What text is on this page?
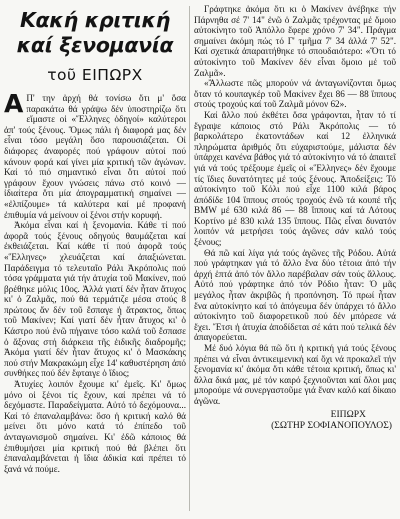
Κακή κριτική
καί ξενομανία
τοῦ ΕΙΠΩΡΧ

Α Π' την ἀρχή θά τονίσω ὅτι μ' ὅσα παρακάτω θά γράψω δέν ὑποστηρίζω ὅτι εἴμαστε οἱ «Ἕλληνες ὁδηγοί» καλύτεροι ἀπ' τούς ξένους. Ὅμως πάλι ἡ διαφορά μας δέν εἶναι τόσο μεγάλη ὅσο παρουσιάζεται. Οἱ διάφορες ἀναφορές πού γράφουν αὐτοί πού κάνουν φορά καί γίνει μία κριτική τῶν ἀγώνων. Καί τό πιό σημαντικό εἶναι ὅτι αὐτοί πού γράφουν ἔχουν γνώσεις πάνω στό κοινό — ἰδιαίτερα ὅτι μία ἀπογραμματική σημαίνει — «ἐλπίζουμε» τά καλύτερα καί μέ προφανή ἐπιθυμία νά μείνουν οἱ ξένοι στήν κορυφή.

Ἀκόμα εἶναι καί ἡ ξενομανία. Κάθε τί πού ἀφορᾶ τούς ξένους οδηγούς θαυμάζεται καί ἐκθειάζεται. Καί κάθε τί πού ἀφορᾶ τούς «Ἕλληνες» χλευάζεται καί ἀπαξιώνεται. Παράδειγμα τό τελευταῖο Ράλι Ἀκρόπολις πού τόσα γράμματα γιά τήν ἀτυχία τοῦ Μακίνεν, πού βρέθηκε μόλις 10ος. Ἀλλά γιατί δέν ἦταν ἄτυχος κι' ὁ Ζαλμᾶς, πού θά τερμάτιζε μέσα στούς 8 πρώτους ἄν δέν τοῦ ἔσπαγε ἡ ἄτρακτος, ὅπως τοῦ Μακίνεν; Καί γιατί δέν ἦταν ἄτυχος κι' ὁ Κάστρο πού ἐνῶ πήγαινε τόσο καλά τοῦ ἔσπασε ὁ ἄξονας στή διάρκεια τῆς ἐιδικῆς διαδρομῆς; Ἀκόμα γιατί δέν ἦταν ἄτυχος κι' ὁ Μασκάκης πού στήν Μακρακώμη εἶχε 14' καθυστέρηση ἀπό συνθήκες πού δέν ἔφταιγε ὁ ἴδιος;

Ἀτυχίες λοιπόν ἔχουμε κι' ἐμεῖς. Κι' ὅμως μόνο οἱ ξένοι τίς ἔχουν, καί πρέπει νά τό δεχόμαστε. Παραδείγματα. Αὐτό τό δεχόμουνα... Καί τό ἐπαναλαμβάνω: ὅσο ἡ κριτική καλό θά μείνει ὅτι μόνο κατά τό ἐπίπεδο τοῦ ἀνταγωνισμοῦ σημαίνει. Κι' ἐδῶ κάποιος θά ἐπιθυμήσει μία κριτική πού θά βλέπει ὅτι ἐπαναλαμβάνεται ἡ ἴδια ἀδικία καί πρέπει τό ξανά νά πούμε.

Γράφτηκε ἀκόμα ὅτι κι ὁ Μακίνεν ἀνέβηκε τήν Πάρνηθα σέ 7' 14" ἐνῶ ὁ Ζαλμᾶς τρέχοντας μέ ὅμοιο αὐτοκίνητο τοῦ Ἀπόλλο ἔφερε χρόνο 7' 34". Πράγμα σημαίνει ἀκόμη πώς τό Γ' τμῆμα 7' 34 ἀλλά 7' 52". Καί σχετικά ἀπαραιτήθηκε τό σπουδαιότερο: «Ὅτι τό αὐτοκίνητο τοῦ Μακίνεν δέν εἶναι ὅμοιο μέ τοῦ Ζαλμᾶ».

«Ἄλλωστε πῶς μπορούν νά ἀνταγωνίζονται ὅμως ὅταν τό κουπαγκέρ τοῦ Μακίνεν ἔχει 86 — 88 ἵππους στούς τροχούς καί τοῦ Ζαλμᾶ μόνον 62».

Καί ἄλλο πού ἐκθέτει ὅσα γράφονται, ἦταν τό τί ἔγραψε κάποιος στό Ράλι Ἀκρόπολις — τό βαρκολάτερο ἐκατοντάδων καί 12 ἐλληνικά πληρώματα ἀριθμός ὅτι εὐχαριστούμε, μάλιστα δέν ὑπάρχει κανένα βάθος γιά τό αὐτοκίνητο νά τό ἀπαιτεῖ γιά νά τούς τρέξουμε ἐμεῖς οἱ «Ἕλληνες» δέν ἔχουμε τίς ἴδιες δυνατότητες μέ τούς ξένους. Ἀποδείξεις: Τό αὐτοκίνητο τοῦ Κόλι πού εἶχε 1100 κιλά βάρος ἀπόδίδε 104 ἵππους στούς τροχούς ἐνῶ τά κουπέ τῆς BMW μέ 630 κιλά 86 — 88 ἵππους καί τά Λότους Κορτίνο μέ 830 κιλά 135 ἵππους. Πῶς εἶναι δυνατόν λοιπόν νά μετρήσει τούς ἀγῶνες σάν καλό τούς ξένους;

Θά πῶ καί λίγα γιά τούς ἀγῶνες τῆς Ρόδου. Αὐτά πού γράφτηκαν γιά τό ἄλλο ἔνα δύο τέτοια ἀπό τήν ἀρχή ἑπτά ἀπό τόν ἄλλο παρέβαλαν σάν τούς ἄλλους. Αὐτό πού γράφτηκε ἀπό τόν Ρόδιο ἦταν: Ὁ μᾶς μεγάλος ἦταν ἀκριβῶς ἡ προπόνηση. Τό πρωί ἦταν ἕνα αὐτοκίνητο καί τό ἀπόγευμα δέν ὑπάρχει τό ἄλλο αὐτοκίνητο τοῦ διαφορετικοῦ πού δέν μπόρεσε νά ἔχει. Ἔτσι ἡ ἀτυχία ἀποδίδεται σέ κάτι πού τελικά δέν ἀπαγορεύεται.

Μέ δυό λόγια θά πῶ ὅτι ἡ κριτική γιά τούς ξένους πρέπει νά εἶναι ἀντικειμενική καί ὄχι νά προκαλεῖ τήν ξενομανία κι' ἀκόμα ὅτι κάθε τέτοια κριτική, ὅπως κι' ἄλλα δικά μας, μέ τόν καιρό ξεχνιοῦνται καί ὅλοι μας μπορούμε νά συνεργαστοῦμε γιά ἔναν καλό καί δίκαιο ἀγῶνα.

ΕΙΠΩΡΧ
(ΣΩΤΗΡ ΣΟΦΙΑΝΟΠΟΥΛΟΣ)
